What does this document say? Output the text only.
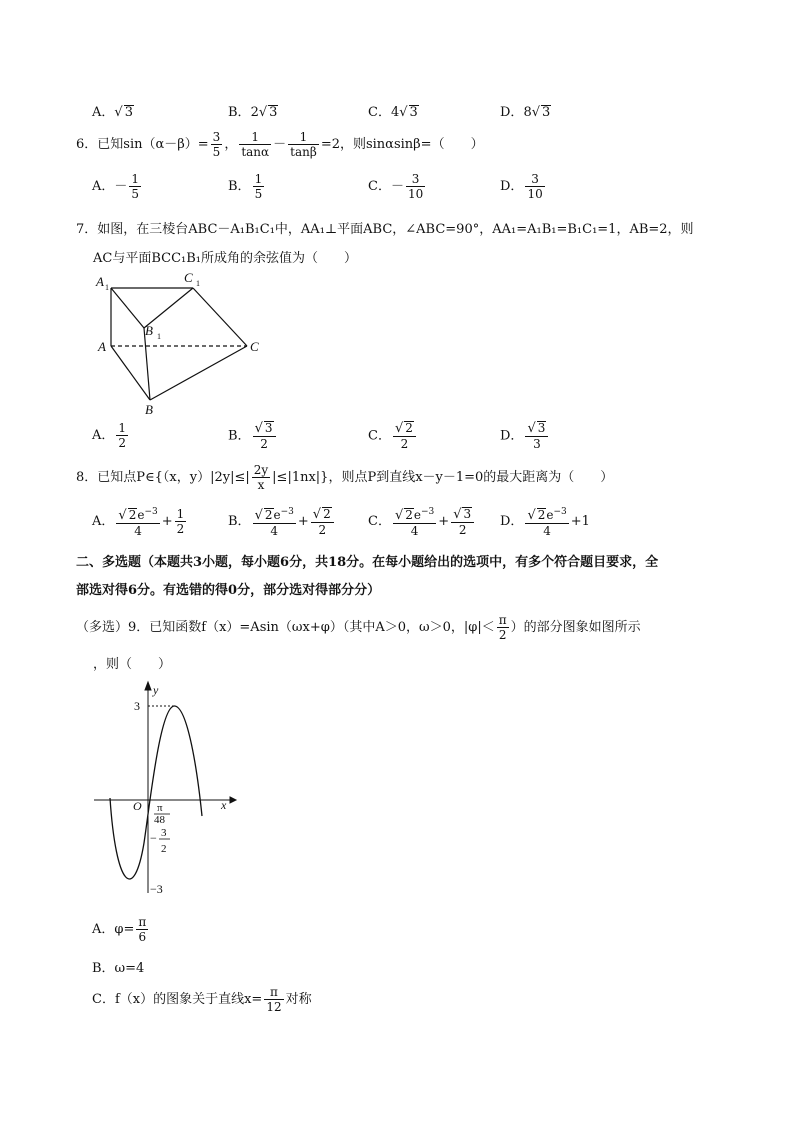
A．√ 3	B．2√ 3	C．4√ 3	D．8√ 3
6．已知$\sin(\alpha-\beta)= \frac{3}{5}$ ， $\frac{1}{\tan\alpha} - \frac{1}{\tan\beta} =2$，则sinαsinβ=（　　）
A．－ $\frac{1}{5}$	B． $\frac{1}{5}$	C．－ $\frac{3}{10}$	D． $\frac{3}{10}$
7．如图，在三棱台ABC－A₁B₁C₁中，AA₁⊥平面ABC，∠ABC=90°，AA₁=A₁B₁=B₁C₁=1，AB=2，则
AC与平面BCC₁B₁所成角的余弦值为（　　）
A 1
C 1
B 1
A	C
B
A． $\frac{1}{2}$	B． $\frac{√ 3}{2}$	C． $\frac{√ 2}{2}$	D． $\frac{√ 3}{3}$
8．已知点P∈{（x，$y)|2y|\le| \frac{2y}{x} |\le|1nx|$}，则点P到直线x－y－1=0的最大距离为（　　）
A． $\frac{√ 2e^{-3}}{4} + \frac{1}{2}$	B． $\frac{√ 2e^{-3}}{4} + \frac{√ 2}{2}$	C． $\frac{√ 2e^{-3}}{4} + \frac{√ 3}{2}$ D． $\frac{√ 2e^{-3}}{4} +1$
二、多选题（本题共3小题，每小题6分，共18分。在每小题给出的选项中，有多个符合题目要求，全
部选对得6分。有选错的得0分，部分选对得部分分）
（多选）9．已知函数f（x）=Asin（ωx+φ）（其中A＞0，ω＞0，$|\varphi|< \frac{\pi}{2}$ ）的部分图象如图所示
，则（　　）
y
x
O
3
−3
− 3
2
π
48
A．$\varphi= \frac{\pi}{6}$
B．ω=4
C．f（x）的图象关于直线$x= \frac{\pi}{12}$ 对称
